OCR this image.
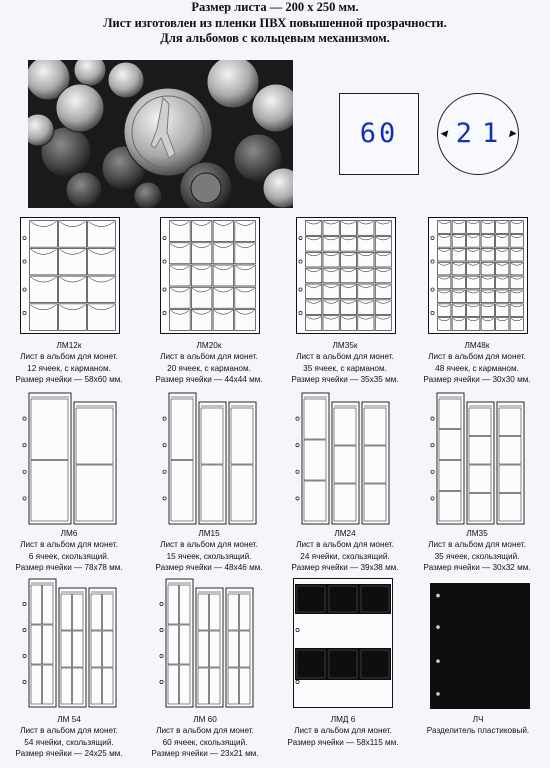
Размер листа — 200 х 250 мм.
Лист изготовлен из пленки ПВХ повышенной прозрачности.
Для альбомов с кольцевым механизмом.
60	21
◀	▶
ЛМ12к
Лист в альбом для монет.
12 ячеек, с карманом.
Размер ячейки — 58х60 мм.
ЛМ20к
Лист в альбом для монет.
20 ячеек, с карманом.
Размер ячейки — 44х44 мм.
ЛМ35к
Лист в альбом для монет.
35 ячеек, с карманом.
Размер ячейки — 35х35 мм.
ЛМ48к
Лист в альбом для монет.
48 ячеек, с карманом.
Размер ячейки — 30х30 мм.
ЛМ6
Лист в альбом для монет.
6 ячеек, скользящий.
Размер ячейки — 78х78 мм.
ЛМ15
Лист в альбом для монет.
15 ячеек, скользящий.
Размер ячейки — 48х46 мм.
ЛМ24
Лист в альбом для монет.
24 ячейки, скользящий.
Размер ячейки — 39х38 мм.
ЛМ35
Лист в альбом для монет.
35 ячеек, скользящий.
Размер ячейки — 30х32 мм.
ЛМ 54
Лист в альбом для монет.
54 ячейки, скользящий.
Размер ячейки — 24х25 мм.
ЛМ 60
Лист в альбом для монет.
60 ячеек, скользящий.
Размер ячейки — 23х21 мм.
ЛМД 6
Лист в альбом для монет.
Размер ячейки — 58х115 мм.
ЛЧ
Разделитель пластиковый.
